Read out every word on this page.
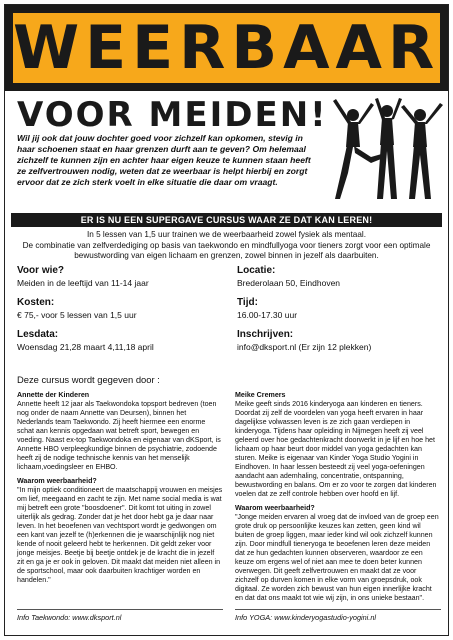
WEERBAAR
VOOR MEIDEN!
Wil jij ook dat jouw dochter goed voor zichzelf kan opkomen, stevig in haar schoenen staat en haar grenzen durft aan te geven? Om helemaal zichzelf te kunnen zijn en achter haar eigen keuze te kunnen staan heeft ze zelfvertrouwen nodig, weten dat ze weerbaar is helpt hierbij en zorgt ervoor dat ze zich sterk voelt in elke situatie die daar om vraagt.
ER IS NU EEN SUPERGAVE CURSUS WAAR ZE DAT KAN LEREN!
In 5 lessen van 1,5 uur trainen we de weerbaarheid zowel fysiek als mentaal.
De combinatie van zelfverdediging op basis van taekwondo en mindfullyoga voor tieners zorgt voor een optimale bewustwording van eigen lichaam en grenzen, zowel binnen in jezelf als daarbuiten.
Voor wie?
Meiden in de leeftijd van 11-14 jaar
Locatie:
Brederolaan 50, Eindhoven
Kosten:
€ 75,- voor 5 lessen van 1,5 uur
Tijd:
16.00-17.30 uur
Lesdata:
Woensdag 21,28 maart 4,11,18 april
Inschrijven:
info@dksport.nl (Er zijn 12 plekken)
Deze cursus wordt gegeven door :
Annette der Kinderen

Annette heeft 12 jaar als Taekwondoka topsport bedreven (toen nog onder de naam Annette van Deursen), binnen het Nederlands team Taekwondo. Zij heeft hiermee een enorme schat aan kennis opgedaan wat betreft sport, bewegen en voeding. Naast ex-top Taekwondoka en eigenaar van dKSport, is Annette HBO verpleegkundige binnen de psychiatrie, zodoende heeft zij de nodige technische kennis van het menselijk lichaam,voedingsleer en EHBO.

Waarom weerbaarheid?

"In mijn optiek conditioneert de maatschappij vrouwen en meisjes om lief, meegaand en zacht te zijn. Met name social media is wat mij betreft een grote "boosdoener". Dit komt tot uiting in zowel uiterlijk als gedrag. Zonder dat je het door hebt ga je daar naar leven. In het beoefenen van vechtsport wordt je gedwongen om een kant van jezelf te (h)erkennen die je waarschijnlijk nog niet kende of nooit geleerd hebt te herkennen. Dit geldt zeker voor jonge meisjes. Beetje bij beetje ontdek je de kracht die in jezelf zit en ga je er ook in geloven. Dit maakt dat meiden niet alleen in de sportschool, maar ook daarbuiten krachtiger worden en handelen."

Meike Cremers

Meike geeft sinds 2016 kinderyoga aan kinderen en tieners. Doordat zij zelf de voordelen van yoga heeft ervaren in haar dagelijkse volwassen leven is ze zich gaan verdiepen in kinderyoga. Tijdens haar opleiding in Nijmegen heeft zij veel geleerd over hoe gedachtenkracht doorwerkt in je lijf en hoe het lichaam op haar beurt door middel van yoga gedachten kan sturen. Meike is eigenaar van Kinder Yoga Studio Yogini in Eindhoven. In haar lessen besteedt zij veel yoga-oefeningen aandacht aan ademhaling, concentratie, ontspanning, bewustwording en balans. Om er zo voor te zorgen dat kinderen voelen dat ze zelf controle hebben over hoofd en lijf.

Waarom weerbaarheid?

"Jonge meiden ervaren al vroeg dat de invloed van de groep een grote druk op persoonlijke keuzes kan zetten, geen kind wil buiten de groep liggen, maar ieder kind wil ook zichzelf kunnen zijn. Door mindfull tieneryoga te beoefenen leren deze meiden dat ze hun gedachten kunnen observeren, waardoor ze een keuze om ergens wel of niet aan mee te doen beter kunnen overwegen. Dit geeft zelfvertrouwen en maakt dat ze voor zichzelf op durven komen in elke vorm van groepsdruk, ook digitaal. Ze worden zich bewust van hun eigen innerlijke kracht en dat dat ons maakt tot wie wij zijn, in ons unieke bestaan".

Info Taekwondo: www.dksport.nl	Info YOGA: www.kinderyogastudio-yogini.nl
